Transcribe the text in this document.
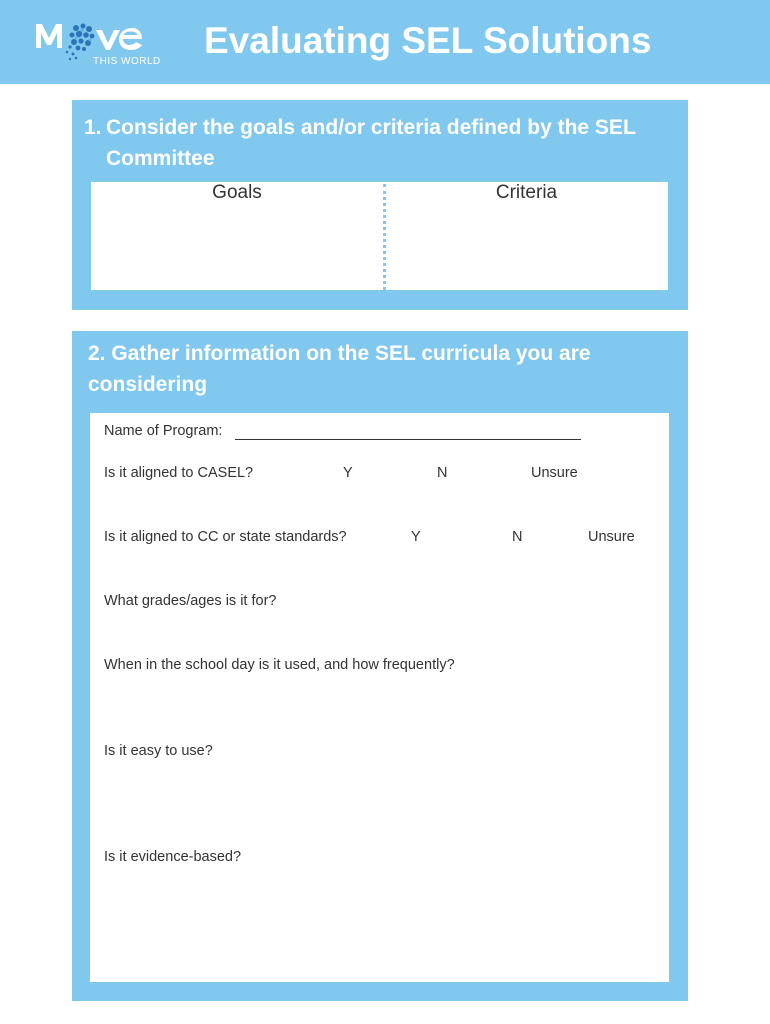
THIS WORLD
Evaluating SEL Solutions
1. Consider the goals and/or criteria defined by the SEL Committee
Goals	Criteria
2. Gather information on the SEL curricula you are considering
Name of Program:
Is it aligned to CASEL?	Y	N	Unsure
Is it aligned to CC or state standards?	Y	N	Unsure
What grades/ages is it for?
When in the school day is it used, and how frequently?
Is it easy to use?
Is it evidence-based?
